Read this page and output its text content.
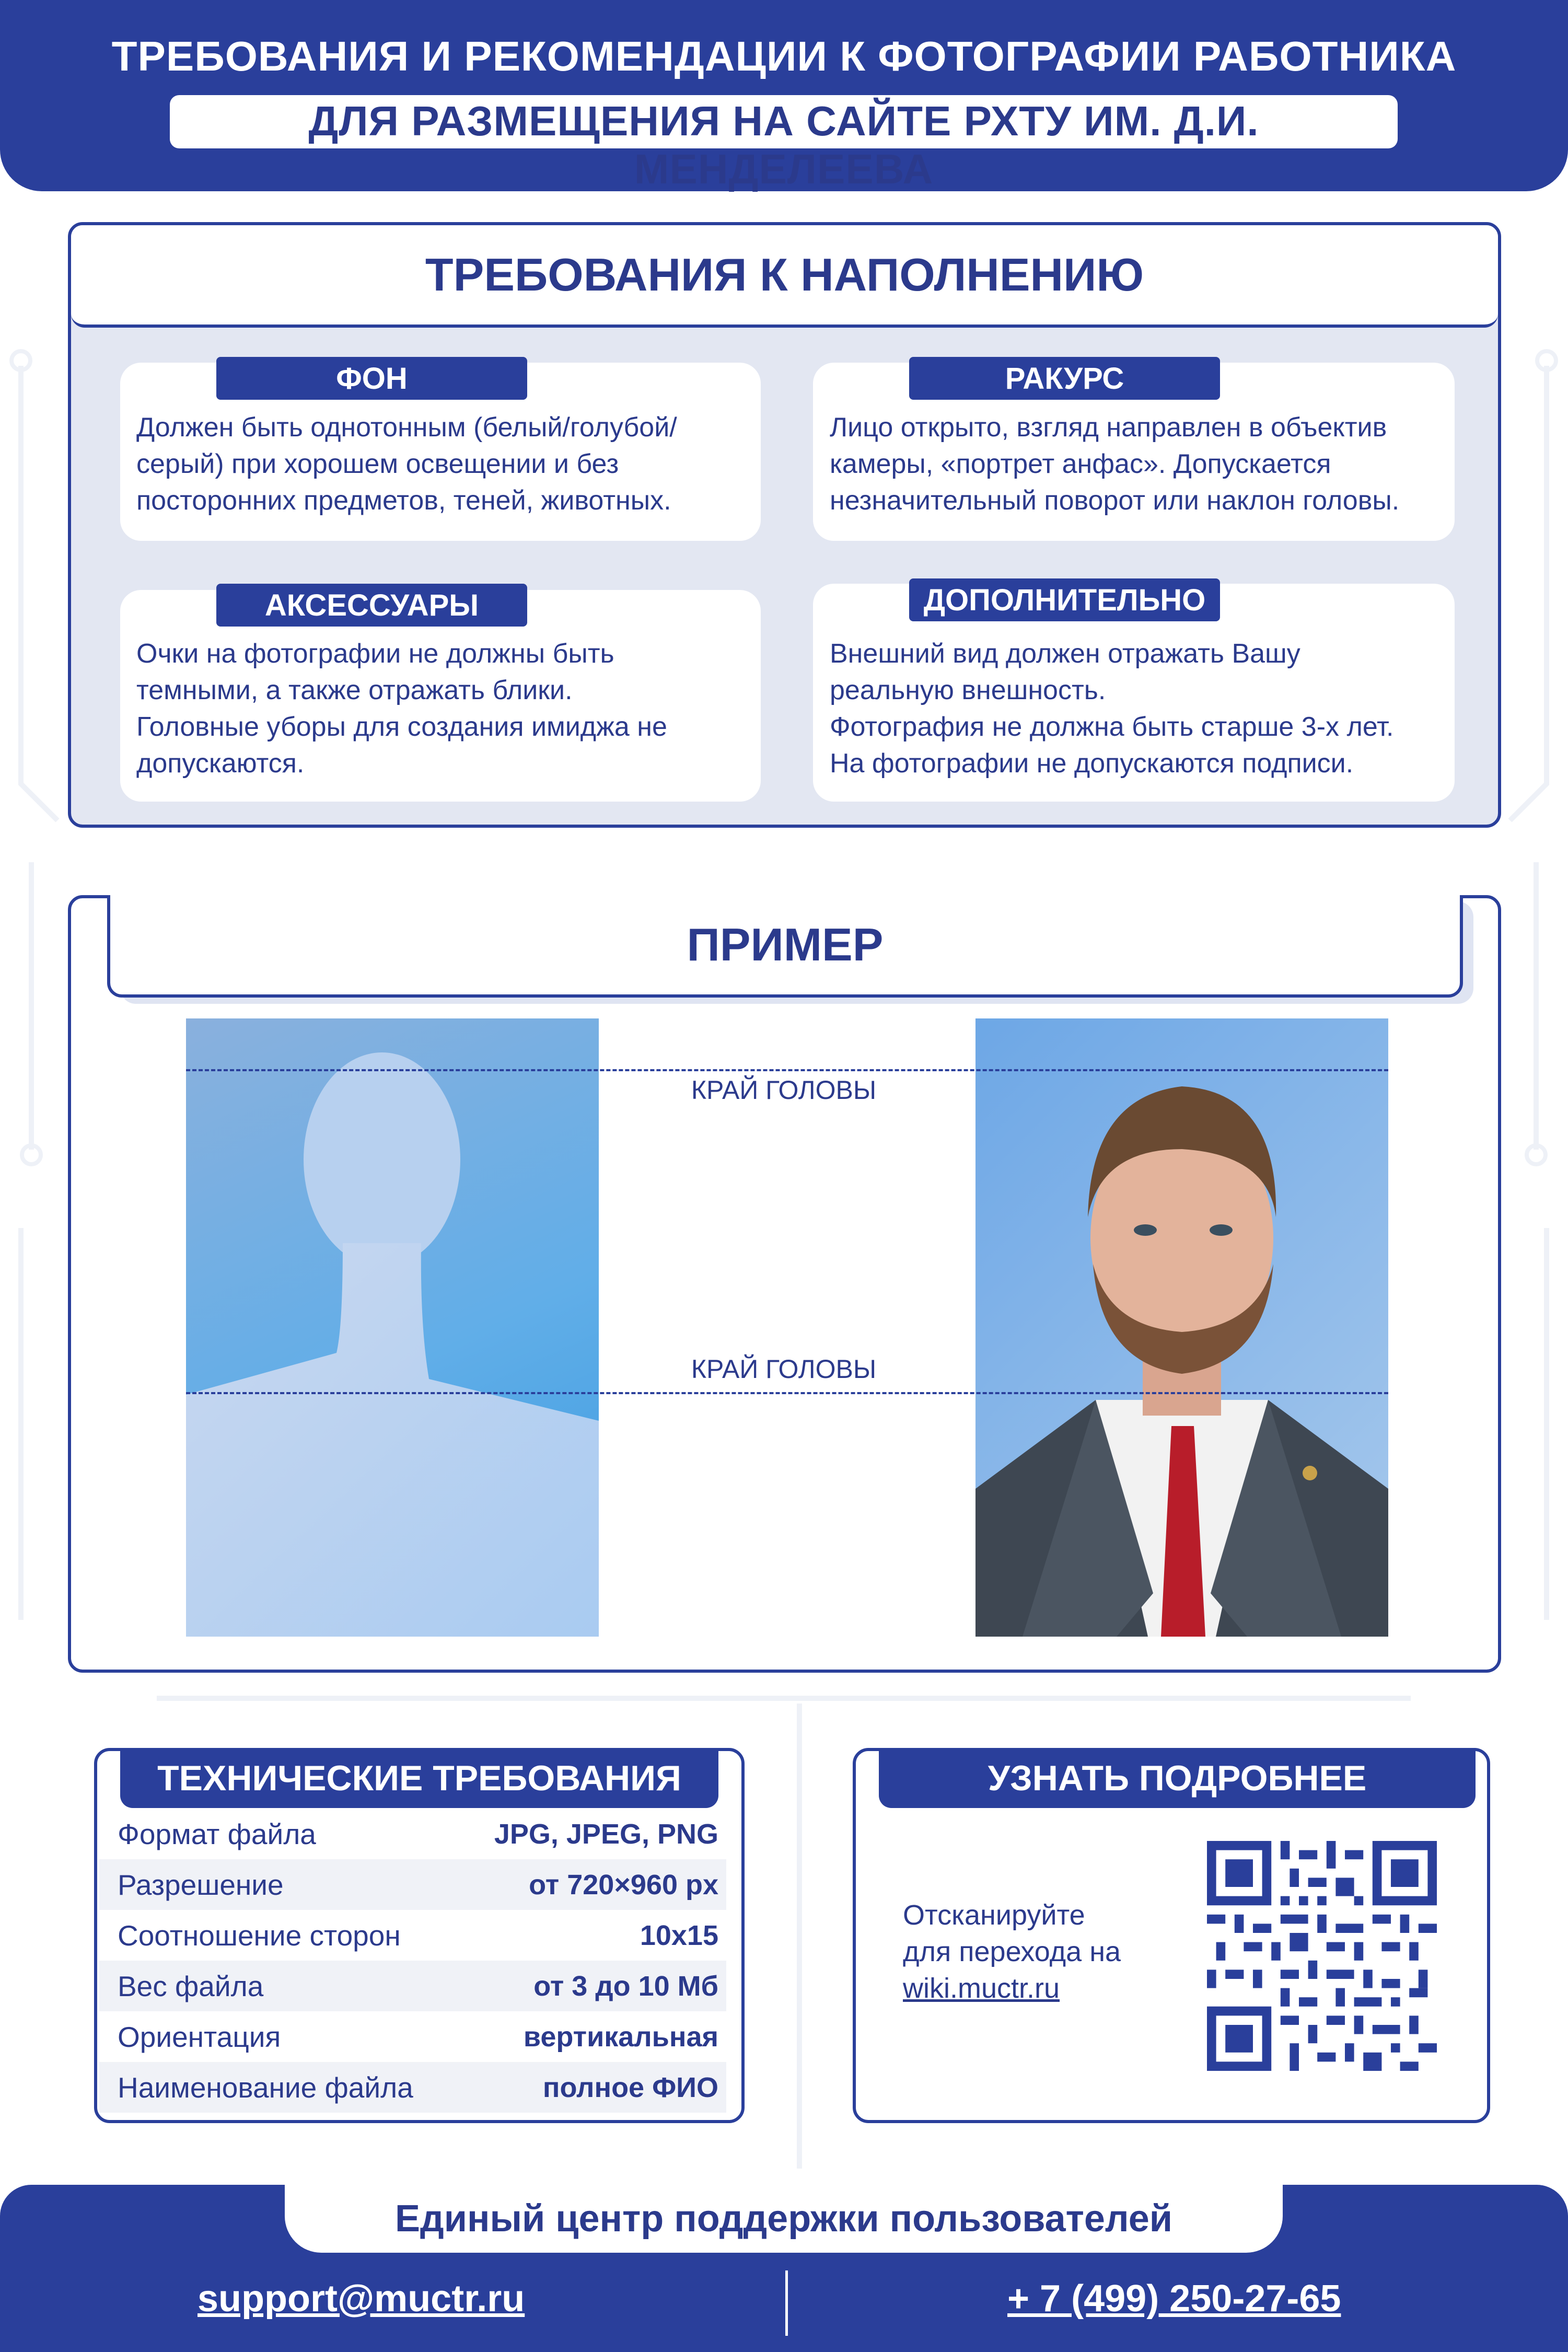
ТРЕБОВАНИЯ И РЕКОМЕНДАЦИИ К ФОТОГРАФИИ РАБОТНИКА
ДЛЯ РАЗМЕЩЕНИЯ НА САЙТЕ РХТУ ИМ. Д.И. МЕНДЕЛЕЕВА
ТРЕБОВАНИЯ К НАПОЛНЕНИЮ
ФОН
Должен быть однотонным (белый/голубой/
серый) при хорошем освещении и без
посторонних предметов, теней, животных.
РАКУРС
Лицо открыто, взгляд направлен в объектив
камеры, «портрет анфас». Допускается
незначительный поворот или наклон головы.
АКСЕССУАРЫ
Очки на фотографии не должны быть
темными, а также отражать блики.
Головные уборы для создания имиджа не
допускаются.
ДОПОЛНИТЕЛЬНО
Внешний вид должен отражать Вашу
реальную внешность.
Фотография не должна быть старше 3-х лет.
На фотографии не допускаются подписи.
ПРИМЕР
КРАЙ ГОЛОВЫ
КРАЙ ГОЛОВЫ
ТЕХНИЧЕСКИЕ ТРЕБОВАНИЯ
Формат файла	JPG, JPEG, PNG
Разрешение	от 720×960 px
Соотношение сторон	10х15
Вес файла	от 3 до 10 Мб
Ориентация	вертикальная
Наименование файла	полное ФИО
УЗНАТЬ ПОДРОБНЕЕ
Отсканируйте
для перехода на
wiki.muctr.ru
Единый центр поддержки пользователей
support@muctr.ru	+ 7 (499) 250-27-65
